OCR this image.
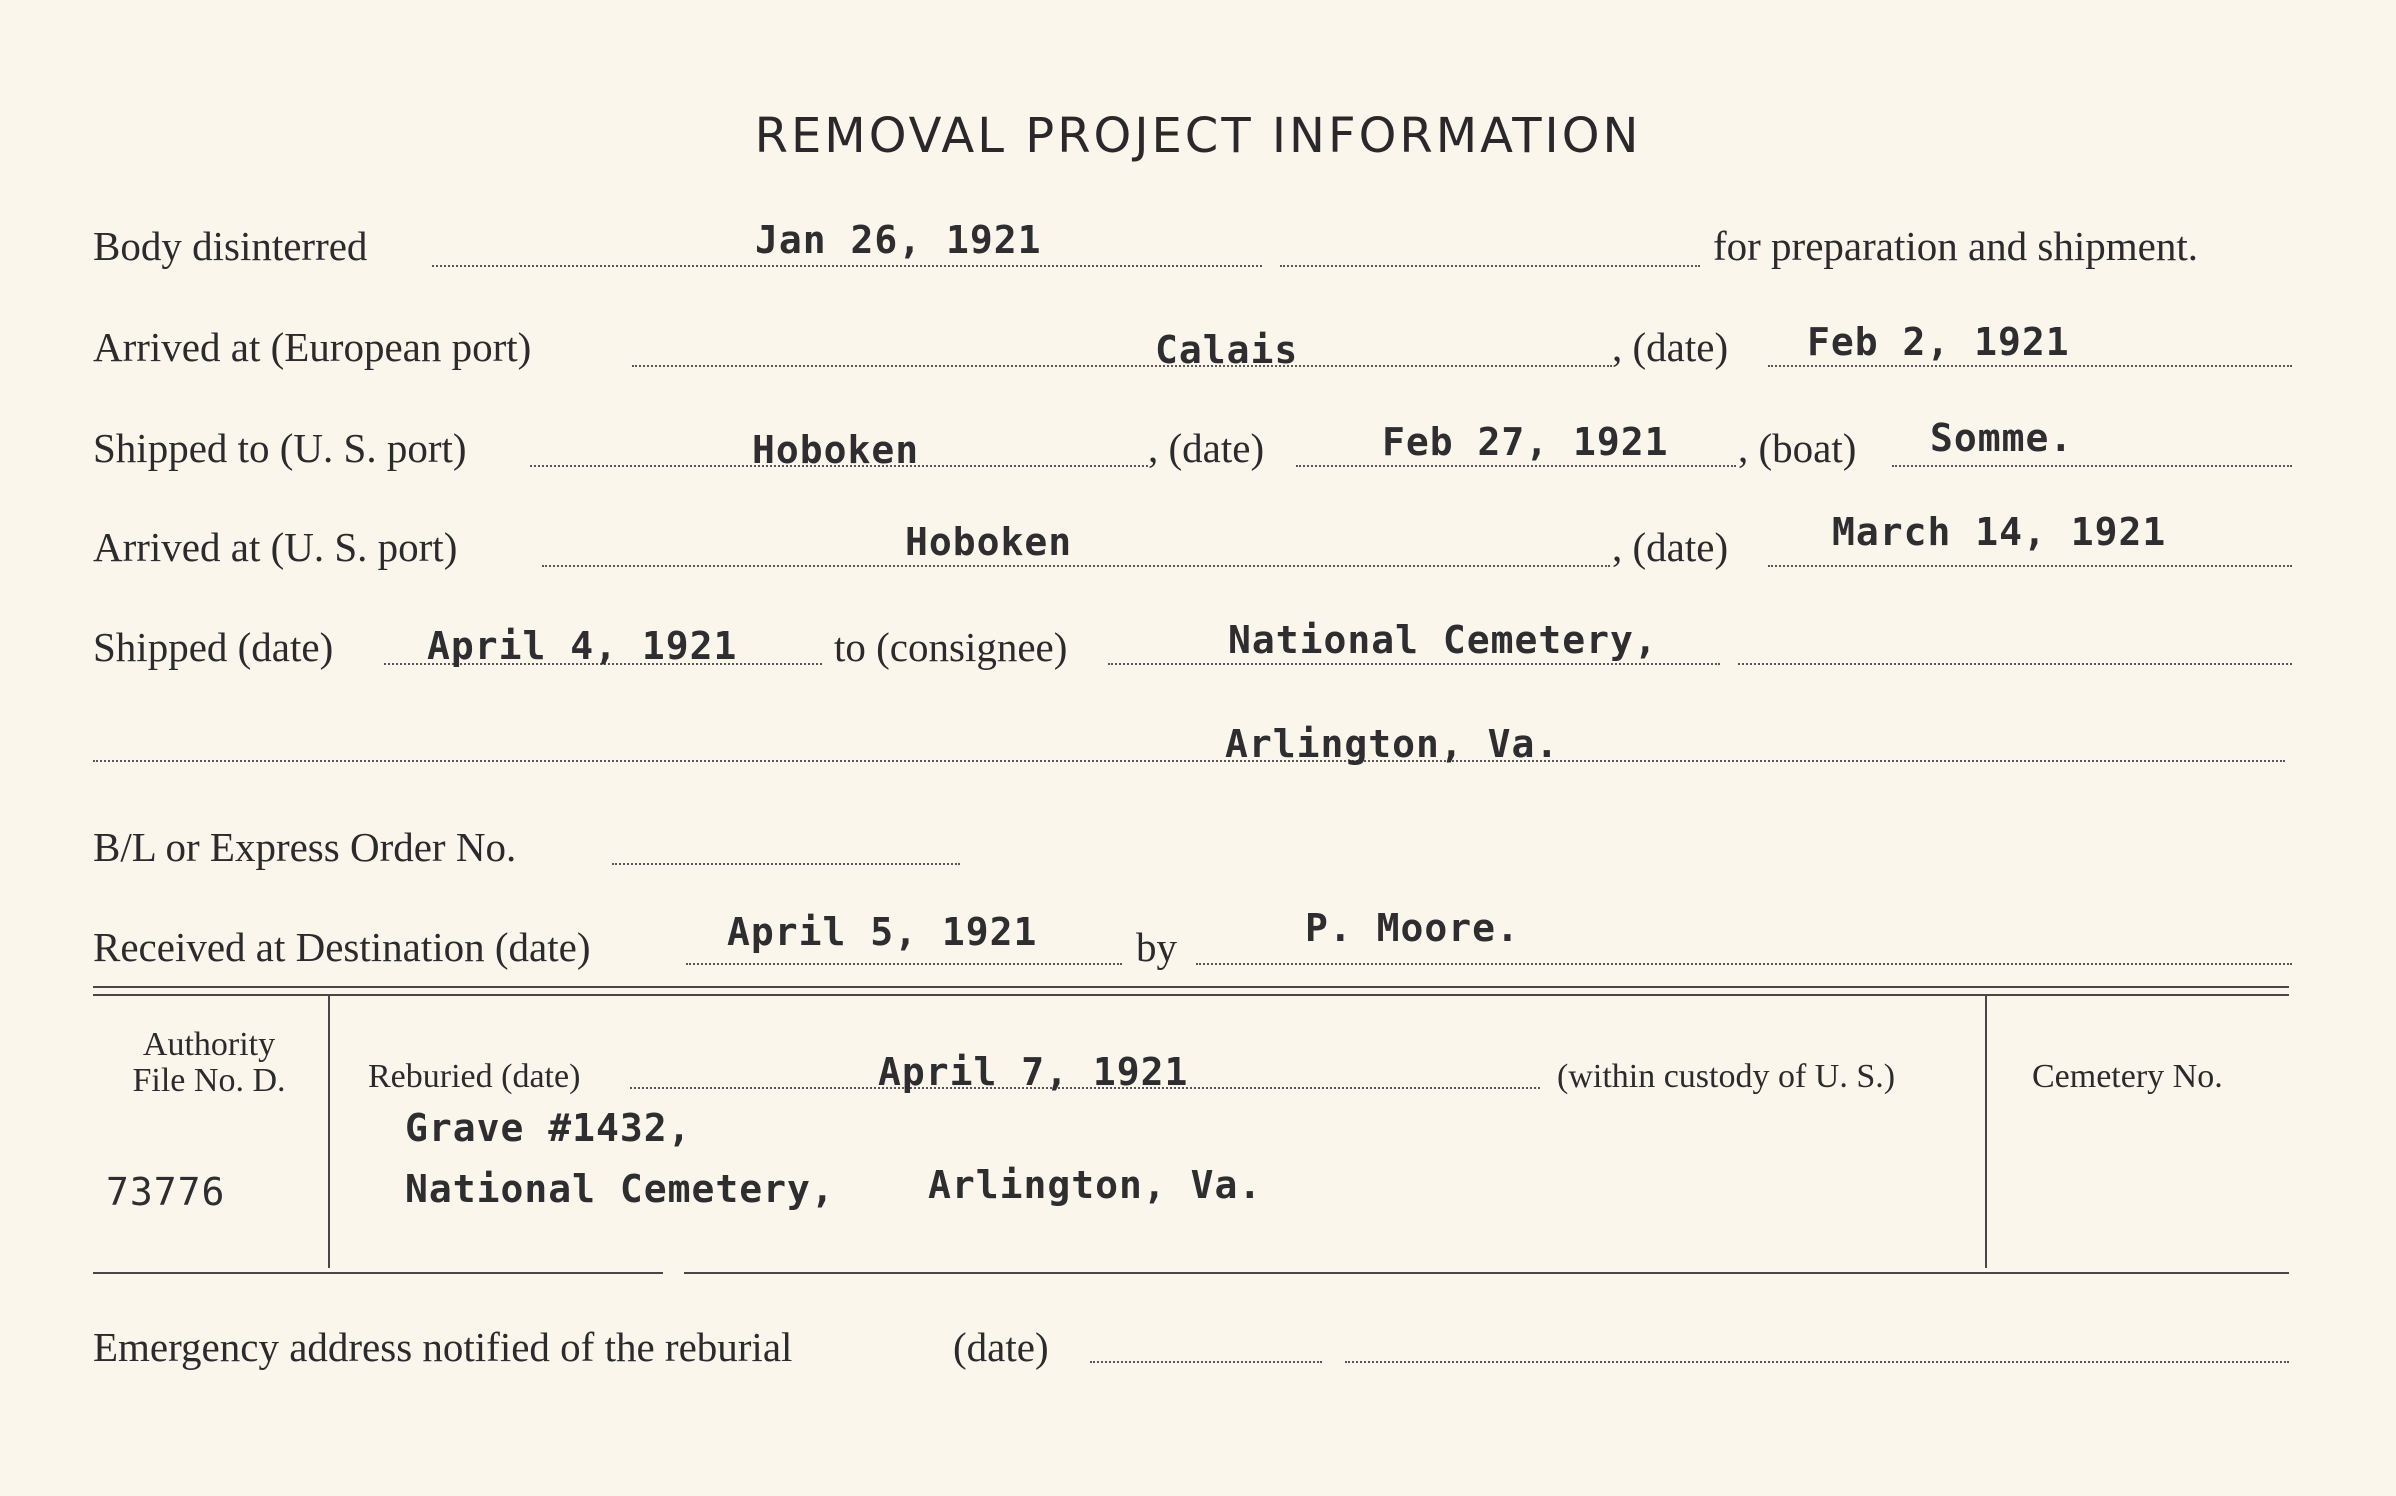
REMOVAL PROJECT INFORMATION
Body disinterred	Jan 26, 1921	for preparation and shipment.
Arrived at (European port)	Calais	, (date) Feb 2, 1921
Shipped to (U. S. port)	Hoboken	, (date)	Feb 27, 1921 , (boat) Somme.
Arrived at (U. S. port)	Hoboken	, (date)	March 14, 1921
Shipped (date) April 4, 1921 to (consignee)	National Cemetery,
Arlington, Va.
B/L or Express Order No.
Received at Destination (date)	April 5, 1921 by	P. Moore.
Authority
File No. D.
73776
Reburied (date)	April 7, 1921	(within custody of U. S.)
Grave #1432,
National Cemetery, Arlington, Va.
Cemetery No.
Emergency address notified of the reburial	(date)
